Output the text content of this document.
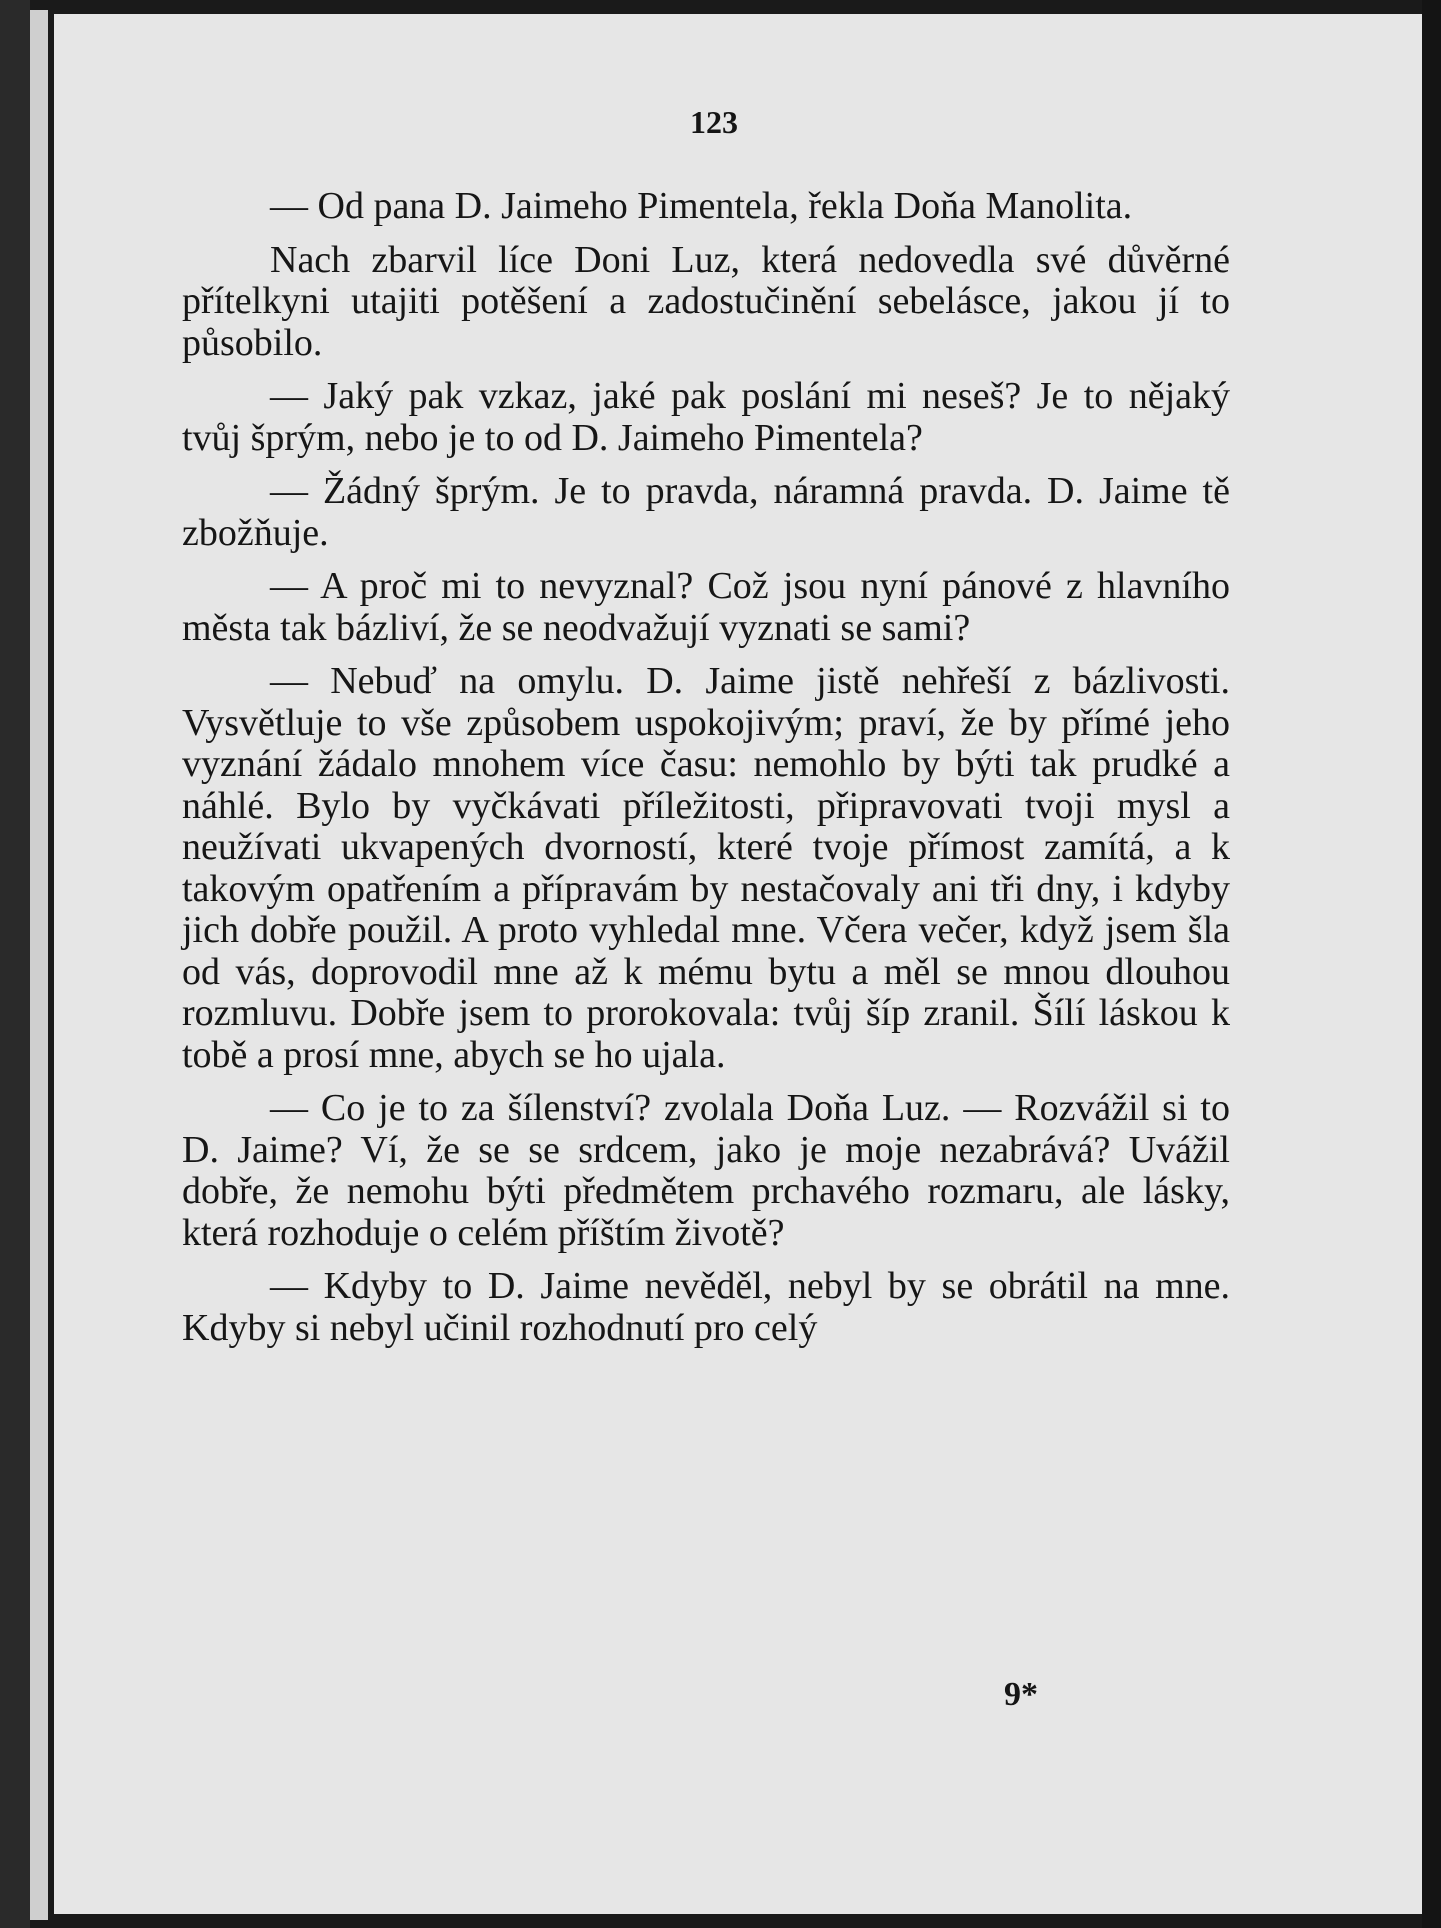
123

— Od pana D. Jaimeho Pimentela, řekla Doňa Manolita.

Nach zbarvil líce Doni Luz, která nedovedla své důvěrné přítelkyni utajiti potěšení a zadostučinění sebelásce, jakou jí to působilo.

— Jaký pak vzkaz, jaké pak poslání mi neseš? Je to nějaký tvůj šprým, nebo je to od D. Jaimeho Pimentela?

— Žádný šprým. Je to pravda, náramná pravda. D. Jaime tě zbožňuje.

— A proč mi to nevyznal? Což jsou nyní pánové z hlavního města tak bázliví, že se neodvažují vyznati se sami?

— Nebuď na omylu. D. Jaime jistě nehřeší z bázlivosti. Vysvětluje to vše způsobem uspokojivým; praví, že by přímé jeho vyznání žádalo mnohem více času: nemohlo by býti tak prudké a náhlé. Bylo by vyčkávati příležitosti, připravovati tvoji mysl a neužívati ukvapených dvorností, které tvoje přímost zamítá, a k takovým opatřením a přípravám by nestačovaly ani tři dny, i kdyby jich dobře použil. A proto vyhledal mne. Včera večer, když jsem šla od vás, doprovodil mne až k mému bytu a měl se mnou dlouhou rozmluvu. Dobře jsem to prorokovala: tvůj šíp zranil. Šílí láskou k tobě a prosí mne, abych se ho ujala.

— Co je to za šílenství? zvolala Doňa Luz. — Rozvážil si to D. Jaime? Ví, že se se srdcem, jako je moje nezabrává? Uvážil dobře, že nemohu býti předmětem prchavého rozmaru, ale lásky, která rozhoduje o celém příštím životě?

— Kdyby to D. Jaime nevěděl, nebyl by se obrátil na mne. Kdyby si nebyl učinil rozhodnutí pro celý

9*
